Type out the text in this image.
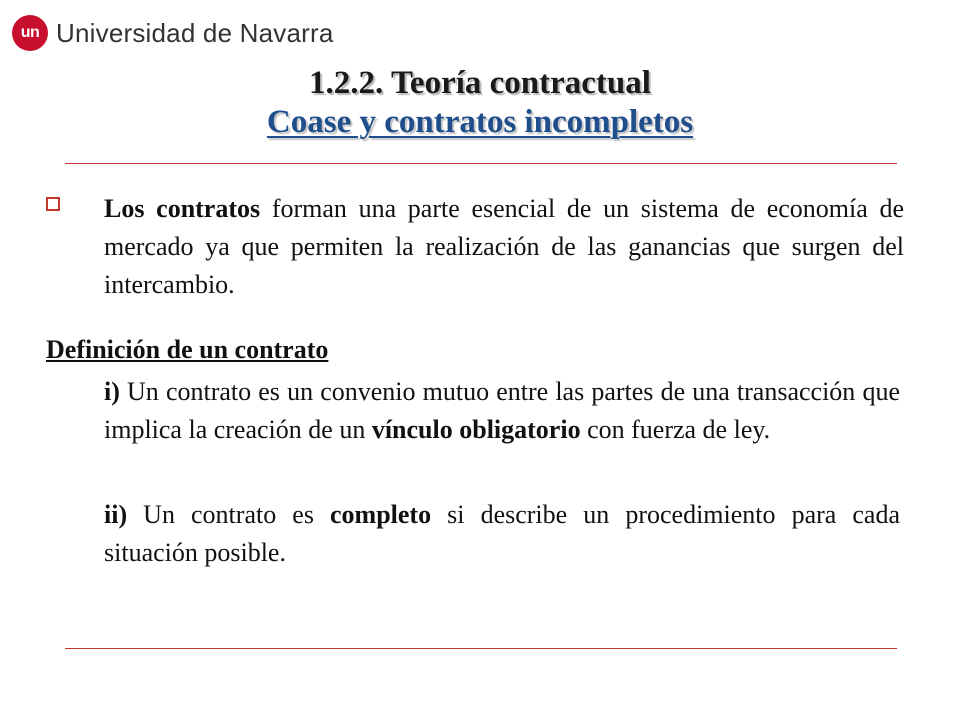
un Universidad de Navarra
1.2.2. Teoría contractual
Coase y contratos incompletos
Los contratos forman una parte esencial de un sistema de economía de mercado ya que permiten la realización de las ganancias que surgen del intercambio.
Definición de un contrato
i) Un contrato es un convenio mutuo entre las partes de una transacción que implica la creación de un vínculo obligatorio con fuerza de ley.
ii) Un contrato es completo si describe un procedimiento para cada situación posible.
